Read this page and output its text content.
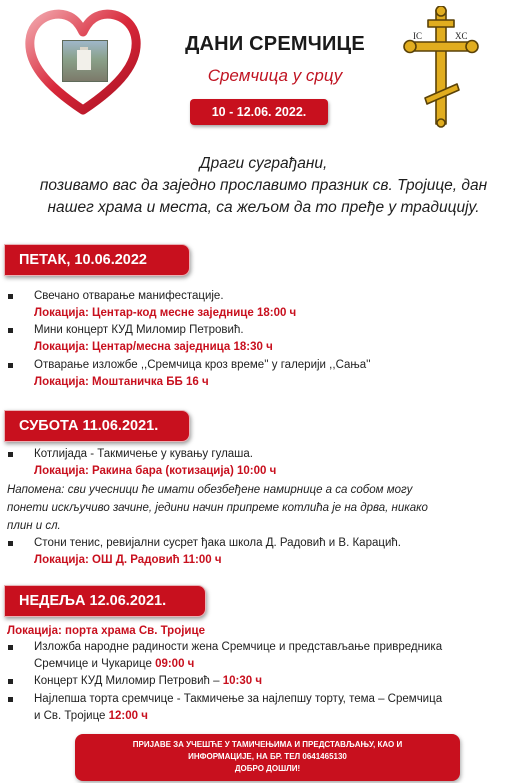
ДАНИ СРЕМЧИЦЕ
Сремчица у срцу
10 - 12.06. 2022.
IC	XC
Драги суграђани,
позивамо вас да заједно прославимо празник св. Тројице, дан
нашег храма и места, са жељом да то пређе у традицију.
ПЕТАК, 10.06.2022
Свечано отварање манифестације.
Локација: Центар-код месне заједнице 18:00 ч
Мини концерт КУД Миломир Петровић.
Локација: Центар/месна заједница 18:30 ч
Отварање изложбе ,,Сремчица кроз време'' у галерији ,,Сања''
Локација: Моштаничка ББ 16 ч
СУБОТА 11.06.2021.
Котлијада - Такмичење у кувању гулаша.
Локација: Ракина бара (котизација) 10:00 ч
Напомена: сви учесници ће имати обезбеђене намирнице а са собом могу
понети искључиво зачине, једини начин припреме котлића је на дрва, никако
плин и сл.
Стони тенис, ревијални сусрет ђака школа Д. Радовић и В. Карацић.
Локација: ОШ Д. Радовић 11:00 ч
НЕДЕЉА 12.06.2021.
Локација: порта храма Св. Тројице
Изложба народне радиности жена Сремчице и представљање привредника
Сремчице и Чукарице 09:00 ч
Концерт КУД Миломир Петровић – 10:30 ч
Најлепша торта сремчице - Такмичење за најлепшу торту, тема – Сремчица
и Св. Тројице 12:00 ч
ПРИЈАВЕ ЗА УЧЕШЋЕ У ТАМИЧЕЊИМА И ПРЕДСТАВЉАЊУ, КАО И
ИНФОРМАЦИЈЕ, НА БР. ТЕЛ 0641465130
ДОБРО ДОШЛИ!
